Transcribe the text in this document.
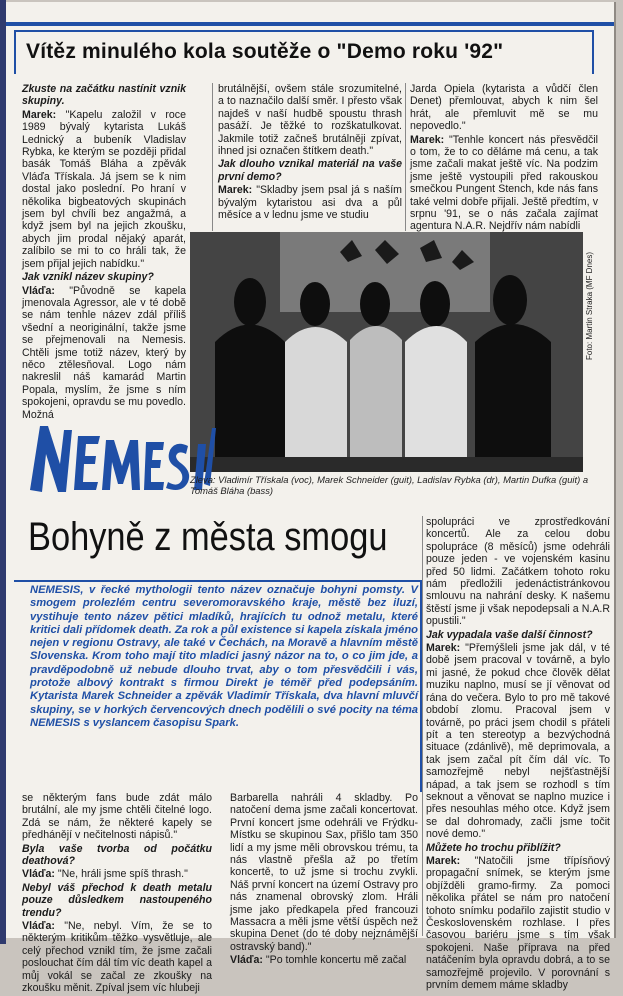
Vítěz minulého kola soutěže o "Demo roku '92"

Zkuste na začátku nastínit vznik skupiny.

Marek: "Kapelu založil v roce 1989 bývalý kytarista Lukáš Lednický a bubeník Vladislav Rybka, ke kterým se později přidal basák Tomáš Bláha a zpěvák Vláďa Třískala. Já jsem se k nim dostal jako poslední. Po hraní v několika bigbeatových skupinách jsem byl chvíli bez angažmá, a když jsem byl na jejich zkoušku, abych jim prodal nějaký aparát, zalíbilo se mi to co hráli tak, že jsem přijal jejich nabídku."

Jak vznikl název skupiny?

Vláďa: "Původně se kapela jmenovala Agressor, ale v té době se nám tenhle název zdál příliš všední a neoriginální, takže jsme se přejmenovali na Nemesis. Chtěli jsme totiž název, který by něco ztělesňoval. Logo nám nakreslil náš kamarád Martin Popala, myslím, že jsme s ním spokojeni, opravdu se mu povedlo. Možná

brutálnější, ovšem stále srozumitelné, a to naznačilo další směr. I přesto však najdeš v naší hudbě spoustu thrash pasáží. Je těžké to rozškatulkovat. Jakmile totiž začneš brutálněji zpívat, ihned jsi označen štítkem death."

Jak dlouho vznikal materiál na vaše první demo?

Marek: "Skladby jsem psal já s naším bývalým kytaristou asi dva a půl měsíce a v lednu jsme ve studiu

Jarda Opiela (kytarista a vůdčí člen Denet) přemlouvat, abych k nim šel hrát, ale přemluvit mě se mu nepovedlo."

Marek: "Tenhle koncert nás přesvědčil o tom, že to co děláme má cenu, a tak jsme začali makat ještě víc. Na podzim jsme ještě vystoupili před rakouskou smečkou Pungent Stench, kde nás fans také velmi dobře přijali. Ještě předtím, v srpnu '91, se o nás začala zajímat agentura N.A.R. Nejdřív nám nabídli

Foto: Martin Straka (MF Dnes)
Zleva: Vladimír Třískala (voc), Marek Schneider (guit), Ladislav Rybka (dr), Martin Dufka (guit) a Tomáš Bláha (bass)
Bohyně z města smogu

NEMESIS, v řecké mythologii tento název označuje bohyni pomsty. V smogem prolezlém centru severomoravského kraje, městě bez iluzí, vystihuje tento název pětici mladíků, hrajících tu odnož metalu, které kritici dali přídomek death. Za rok a půl existence si kapela získala jméno nejen v regionu Ostravy, ale také v Čechách, na Moravě a hlavním městě Slovenska. Krom toho mají tito mladíci jasný názor na to, o co jim jde, a pravděpodobně už nebude dlouho trvat, aby o tom přesvědčili i vás, protože albový kontrakt s firmou Direkt je téměř před podepsáním. Kytarista Marek Schneider a zpěvák Vladimír Třískala, dva hlavní mluvčí skupiny, se v horkých červencových dnech podělili o své pocity na téma NEMESIS s vyslancem časopisu Spark.

se některým fans bude zdát málo brutální, ale my jsme chtěli čitelné logo. Zdá se nám, že některé kapely se předhánějí v nečitelnosti nápisů."

Byla vaše tvorba od počátku deathová?

Vláďa: "Ne, hráli jsme spíš thrash."

Nebyl váš přechod k death metalu pouze důsledkem nastoupeného trendu?

Vláďa: "Ne, nebyl. Vím, že se to některým kritikům těžko vysvětluje, ale celý přechod vznikl tím, že jsme začali poslouchat čím dál tím víc death kapel a můj vokál se začal ze zkoušky na zkoušku měnit. Zpíval jsem víc hlubeji

Barbarella nahráli 4 skladby. Po natočení dema jsme začali koncertovat. První koncert jsme odehráli ve Frýdku-Místku se skupinou Sax, přišlo tam 350 lidí a my jsme měli obrovskou trému, ta nás vlastně přešla až po třetím koncertě, to už jsme si trochu zvykli. Náš první koncert na území Ostravy pro nás znamenal obrovský zlom. Hráli jsme jako předkapela před francouzi Massacra a měli jsme větší úspěch než skupina Denet (do té doby nejznámější ostravský band)."

Vláďa: "Po tomhle koncertu mě začal

spolupráci ve zprostředkování koncertů. Ale za celou dobu spolupráce (8 měsíců) jsme odehráli pouze jeden - ve vojenském kasinu před 50 lidmi. Začátkem tohoto roku nám předložili jedenáctistránkovou smlouvu na nahrání desky. K našemu štěstí jsme ji však nepodepsali a N.A.R opustili."

Jak vypadala vaše další činnost?

Marek: "Přemýšleli jsme jak dál, v té době jsem pracoval v továrně, a bylo mi jasné, že pokud chce člověk dělat muziku naplno, musí se jí věnovat od rána do večera. Bylo to pro mě takové období zlomu. Pracoval jsem v továrně, po práci jsem chodil s přáteli pít a ten stereotyp a bezvýchodná situace (zdánlivě), mě deprimovala, a tak jsem začal pít čím dál víc. To samozřejmě nebyl nejšťastnější nápad, a tak jsem se rozhodl s tím seknout a věnovat se naplno muzice i přes nesouhlas mého otce. Když jsem se dal dohromady, začli jsme točit nové demo."

Můžete ho trochu přiblížit?

Marek: "Natočili jsme třípísňový propagační snímek, se kterým jsme objížděli gramo-firmy. Za pomoci několika přátel se nám pro natočení tohoto snímku podařilo zajistit studio v Československém rozhlase. I přes časovou bariéru jsme s tím však spokojeni. Naše přípravа na před natáčením byla opravdu dobrá, a to se samozřejmě projevilo. V porovnání s prvním demem máme skladby
